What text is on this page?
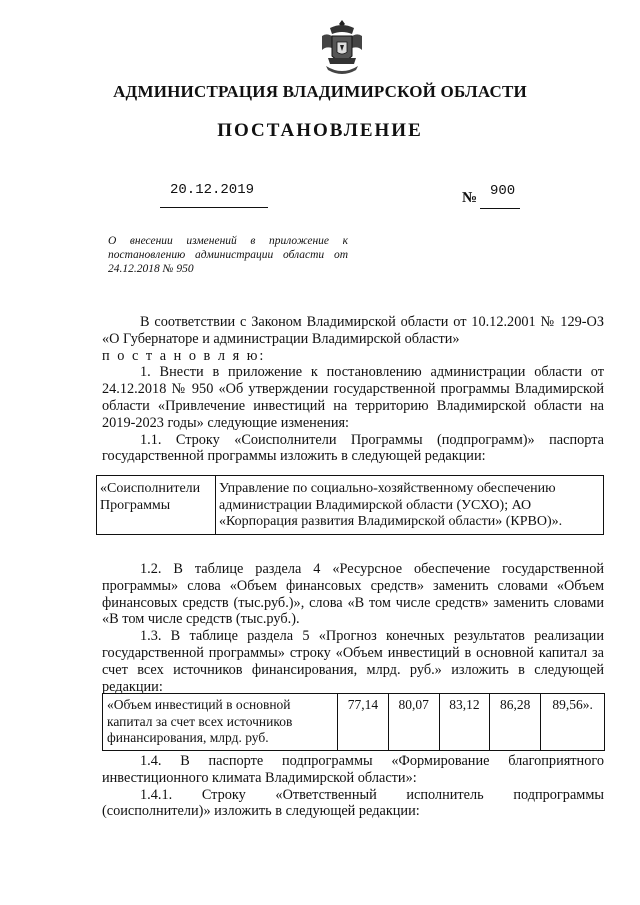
АДМИНИСТРАЦИЯ ВЛАДИМИРСКОЙ ОБЛАСТИ
ПОСТАНОВЛЕНИЕ
20.12.2019	№ 900
О внесении изменений в приложение к постановлению администрации области от 24.12.2018 № 950
В соответствии с Законом Владимирской области от 10.12.2001 № 129-ОЗ «О Губернаторе и администрации Владимирской области»
п о с т а н о в л я ю:
1. Внести в приложение к постановлению администрации области от 24.12.2018 № 950 «Об утверждении государственной программы Владимирской области «Привлечение инвестиций на территорию Владимирской области на 2019-2023 годы» следующие изменения:
1.1. Строку «Соисполнители Программы (подпрограмм)» паспорта государственной программы изложить в следующей редакции:
«Соисполнители Программы	Управление по социально-хозяйственному обеспечению администрации Владимирской области (УСХО); АО «Корпорация развития Владимирской области» (КРВО)».
1.2. В таблице раздела 4 «Ресурсное обеспечение государственной программы» слова «Объем финансовых средств» заменить словами «Объем финансовых средств (тыс.руб.)», слова «В том числе средств» заменить словами «В том числе средств (тыс.руб.).
1.3. В таблице раздела 5 «Прогноз конечных результатов реализации государственной программы» строку «Объем инвестиций в основной капитал за счет всех источников финансирования, млрд. руб.» изложить в следующей редакции:
«Объем инвестиций в основной капитал за счет всех источников финансирования, млрд. руб.	77,14	80,07	83,12	86,28	89,56».
1.4. В паспорте подпрограммы «Формирование благоприятного инвестиционного климата Владимирской области»:
1.4.1. Строку «Ответственный исполнитель подпрограммы (соисполнители)» изложить в следующей редакции:
